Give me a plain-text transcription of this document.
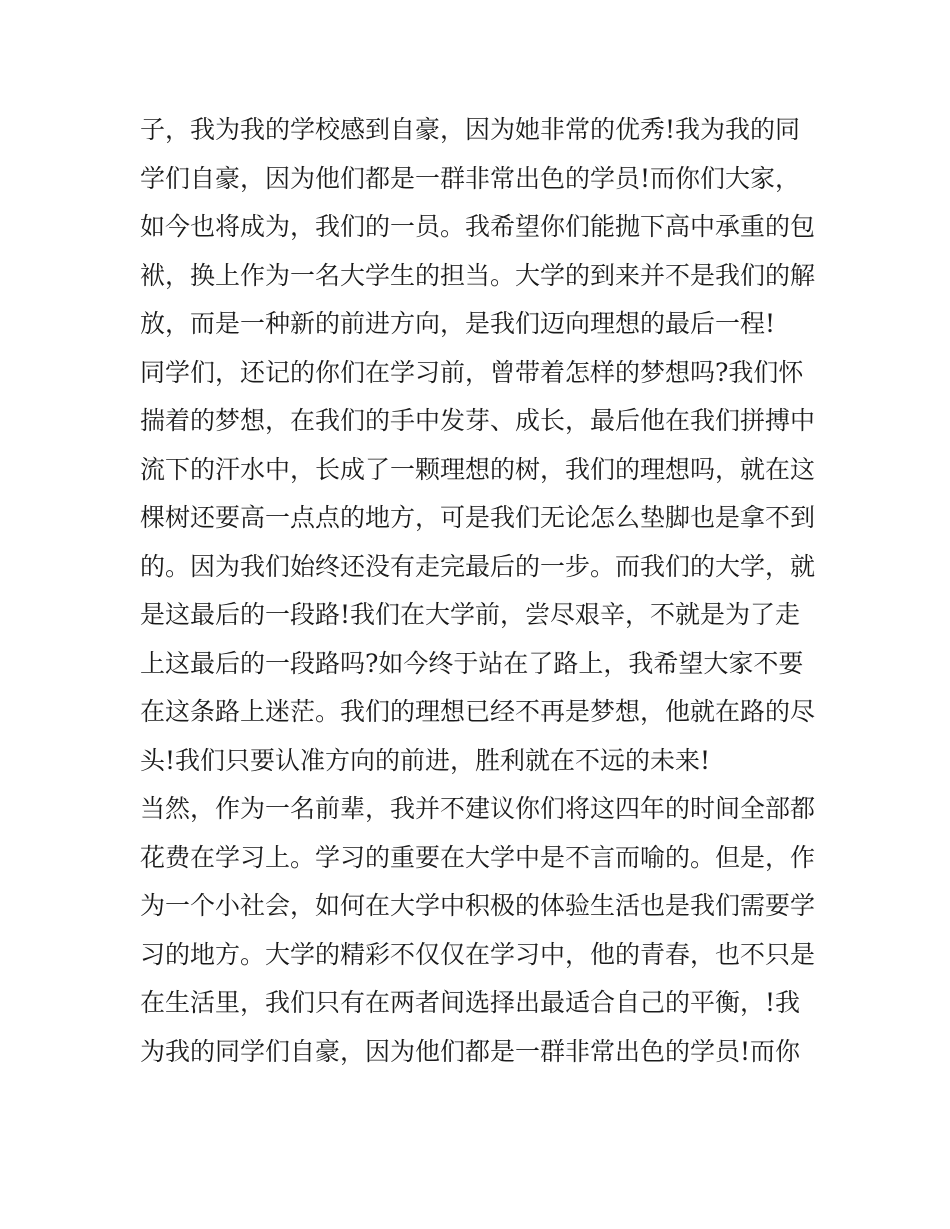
子，我为我的学校感到自豪，因为她非常的优秀!我为我的同
学们自豪，因为他们都是一群非常出色的学员!而你们大家，
如今也将成为，我们的一员。我希望你们能抛下高中承重的包
袱，换上作为一名大学生的担当。大学的到来并不是我们的解
放，而是一种新的前进方向，是我们迈向理想的最后一程!
同学们，还记的你们在学习前，曾带着怎样的梦想吗?我们怀
揣着的梦想，在我们的手中发芽、成长，最后他在我们拼搏中
流下的汗水中，长成了一颗理想的树，我们的理想吗，就在这
棵树还要高一点点的地方，可是我们无论怎么垫脚也是拿不到
的。因为我们始终还没有走完最后的一步。而我们的大学，就
是这最后的一段路!我们在大学前，尝尽艰辛，不就是为了走
上这最后的一段路吗?如今终于站在了路上，我希望大家不要
在这条路上迷茫。我们的理想已经不再是梦想，他就在路的尽
头!我们只要认准方向的前进，胜利就在不远的未来!
当然，作为一名前辈，我并不建议你们将这四年的时间全部都
花费在学习上。学习的重要在大学中是不言而喻的。但是，作
为一个小社会，如何在大学中积极的体验生活也是我们需要学
习的地方。大学的精彩不仅仅在学习中，他的青春，也不只是
在生活里，我们只有在两者间选择出最适合自己的平衡，!我
为我的同学们自豪，因为他们都是一群非常出色的学员!而你
